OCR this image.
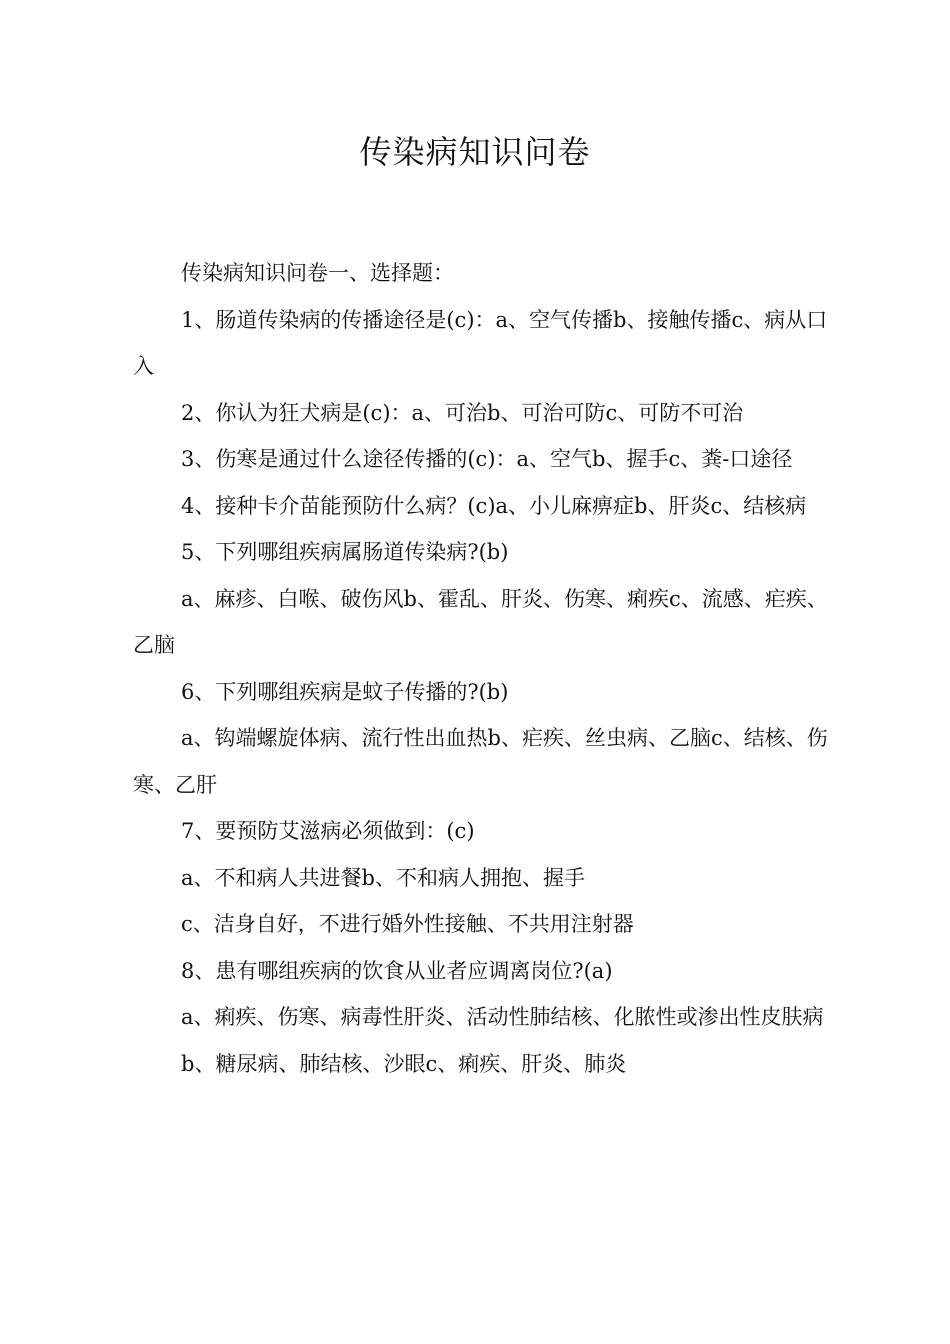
传染病知识问卷

传染病知识问卷一、选择题：

1、肠道传染病的传播途径是(c)：a、空气传播b、接触传播c、病从口入

2、你认为狂犬病是(c)：a、可治b、可治可防c、可防不可治

3、伤寒是通过什么途径传播的(c)：a、空气b、握手c、粪-口途径

4、接种卡介苗能预防什么病？(c)a、小儿麻痹症b、肝炎c、结核病

5、下列哪组疾病属肠道传染病?(b)

a、麻疹、白喉、破伤风b、霍乱、肝炎、伤寒、痢疾c、流感、疟疾、乙脑

6、下列哪组疾病是蚊子传播的?(b)

a、钩端螺旋体病、流行性出血热b、疟疾、丝虫病、乙脑c、结核、伤寒、乙肝

7、要预防艾滋病必须做到：(c)

a、不和病人共进餐b、不和病人拥抱、握手

c、洁身自好，不进行婚外性接触、不共用注射器

8、患有哪组疾病的饮食从业者应调离岗位?(a)

a、痢疾、伤寒、病毒性肝炎、活动性肺结核、化脓性或渗出性皮肤病

b、糖尿病、肺结核、沙眼c、痢疾、肝炎、肺炎
